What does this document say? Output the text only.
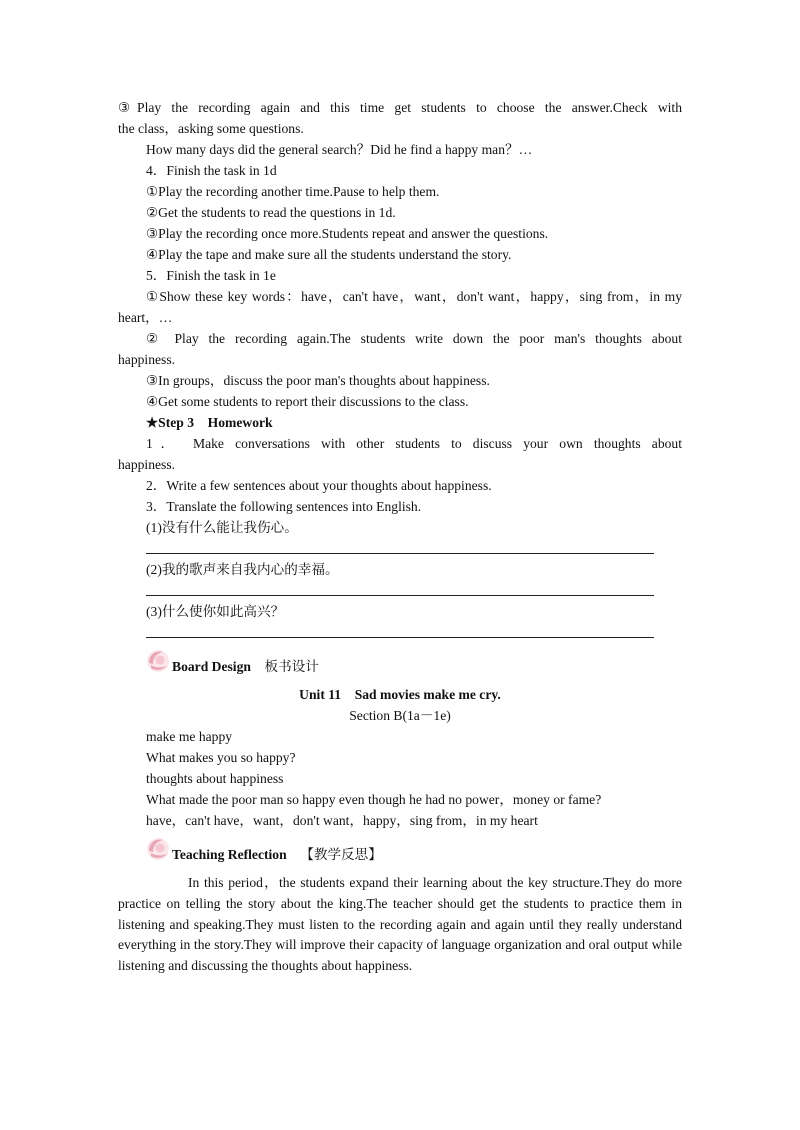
③Play the recording again and this time get students to choose the answer.Check with
the class，asking some questions.
How many days did the general search？Did he find a happy man？…
4．Finish the task in 1d
①Play the recording another time.Pause to help them.
②Get the students to read the questions in 1d.
③Play the recording once more.Students repeat and answer the questions.
④Play the tape and make sure all the students understand the story.
5．Finish the task in 1e
①Show these key words：have，can't have，want，don't want，happy，sing from，in my
heart，…
② Play the recording again.The students write down the poor man's thoughts about
happiness.
③In groups，discuss the poor man's thoughts about happiness.
④Get some students to report their discussions to the class.
★Step 3　Homework
1． Make conversations with other students to discuss your own thoughts about
happiness.
2．Write a few sentences about your thoughts about happiness.
3．Translate the following sentences into English.
(1)没有什么能让我伤心。
(2)我的歌声来自我内心的幸福。
(3)什么使你如此高兴？
Board Design 板书设计
Unit 11　Sad movies make me cry.
Section B(1a－1e)
make me happy
What makes you so happy?
thoughts about happiness
What made the poor man so happy even though he had no power，money or fame?
have，can't have，want，don't want，happy，sing from，in my heart
Teaching Reflection 【教学反思】
In this period，the students expand their learning about the key structure.They do more practice on telling the story about the king.The teacher should get the students to practice them in listening and speaking.They must listen to the recording again and again until they really understand everything in the story.They will improve their capacity of language organization and oral output while listening and discussing the thoughts about happiness.
